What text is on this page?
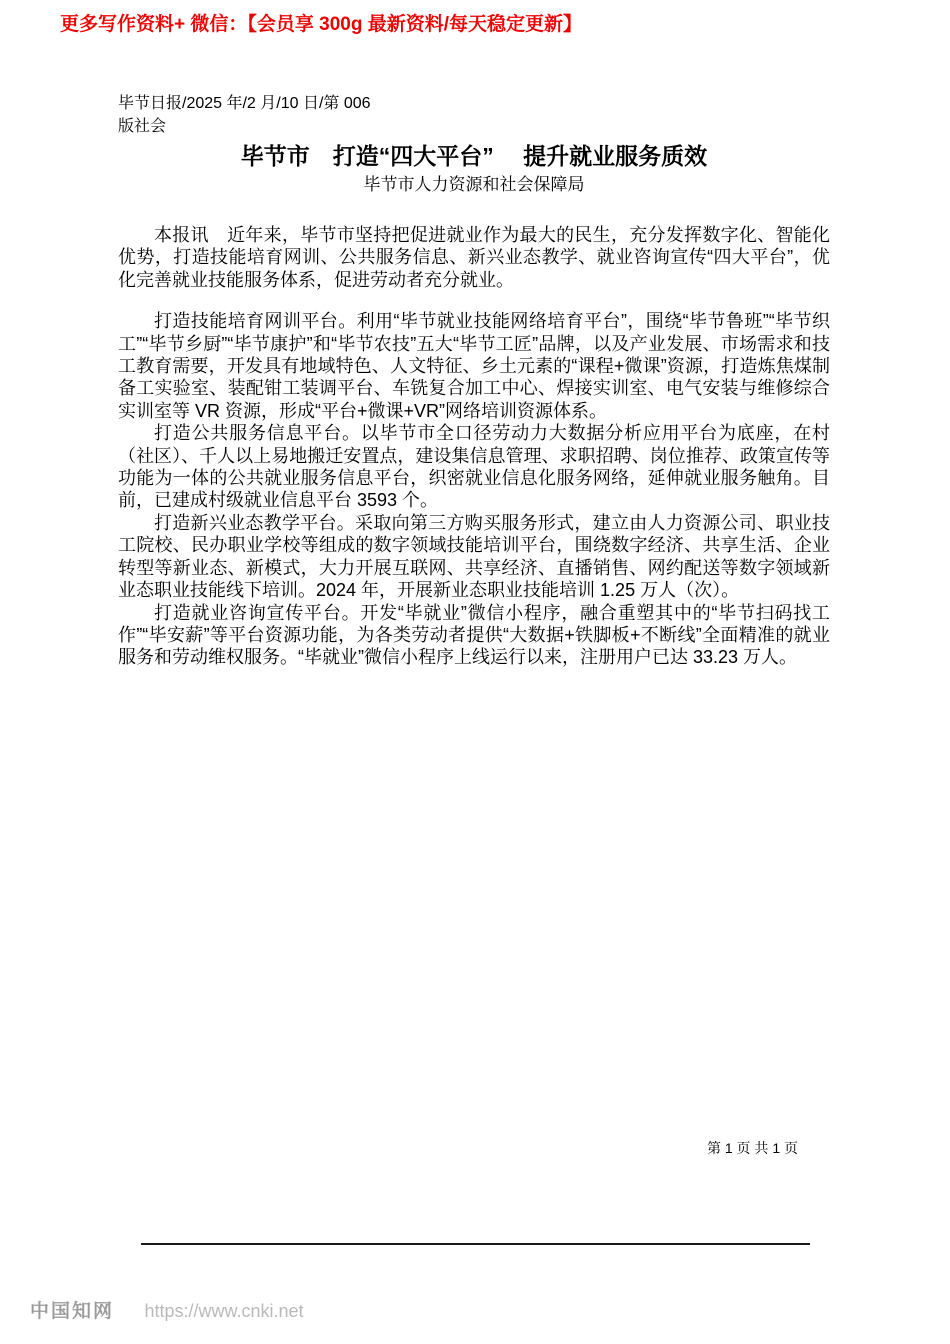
更多写作资料+ 微信：【会员享 300g 最新资料/每天稳定更新】
毕节日报/2025 年/2 月/10 日/第 006
版社会
毕节市　打造“四大平台”　 提升就业服务质效
毕节市人力资源和社会保障局

本报讯　近年来，毕节市坚持把促进就业作为最大的民生，充分发挥数字化、智能化优势，打造技能培育网训、公共服务信息、新兴业态教学、就业咨询宣传“四大平台”，优化完善就业技能服务体系，促进劳动者充分就业。

打造技能培育网训平台。利用“毕节就业技能网络培育平台”，围绕“毕节鲁班”“毕节织工”“毕节乡厨”“毕节康护”和“毕节农技”五大“毕节工匠”品牌，以及产业发展、市场需求和技工教育需要，开发具有地域特色、人文特征、乡土元素的“课程+微课”资源，打造炼焦煤制备工实验室、装配钳工装调平台、车铣复合加工中心、焊接实训室、电气安装与维修综合实训室等 VR 资源，形成“平台+微课+VR”网络培训资源体系。

打造公共服务信息平台。以毕节市全口径劳动力大数据分析应用平台为底座，在村（社区）、千人以上易地搬迁安置点，建设集信息管理、求职招聘、岗位推荐、政策宣传等功能为一体的公共就业服务信息平台，织密就业信息化服务网络，延伸就业服务触角。目前，已建成村级就业信息平台 3593 个。

打造新兴业态教学平台。采取向第三方购买服务形式，建立由人力资源公司、职业技工院校、民办职业学校等组成的数字领域技能培训平台，围绕数字经济、共享生活、企业转型等新业态、新模式，大力开展互联网、共享经济、直播销售、网约配送等数字领域新业态职业技能线下培训。2024 年，开展新业态职业技能培训 1.25 万人（次）。

打造就业咨询宣传平台。开发“毕就业”微信小程序，融合重塑其中的“毕节扫码找工作”“毕安薪”等平台资源功能，为各类劳动者提供“大数据+铁脚板+不断线”全面精准的就业服务和劳动维权服务。“毕就业”微信小程序上线运行以来，注册用户已达 33.23 万人。

第 1 页 共 1 页
中国知网 https://www.cnki.net
